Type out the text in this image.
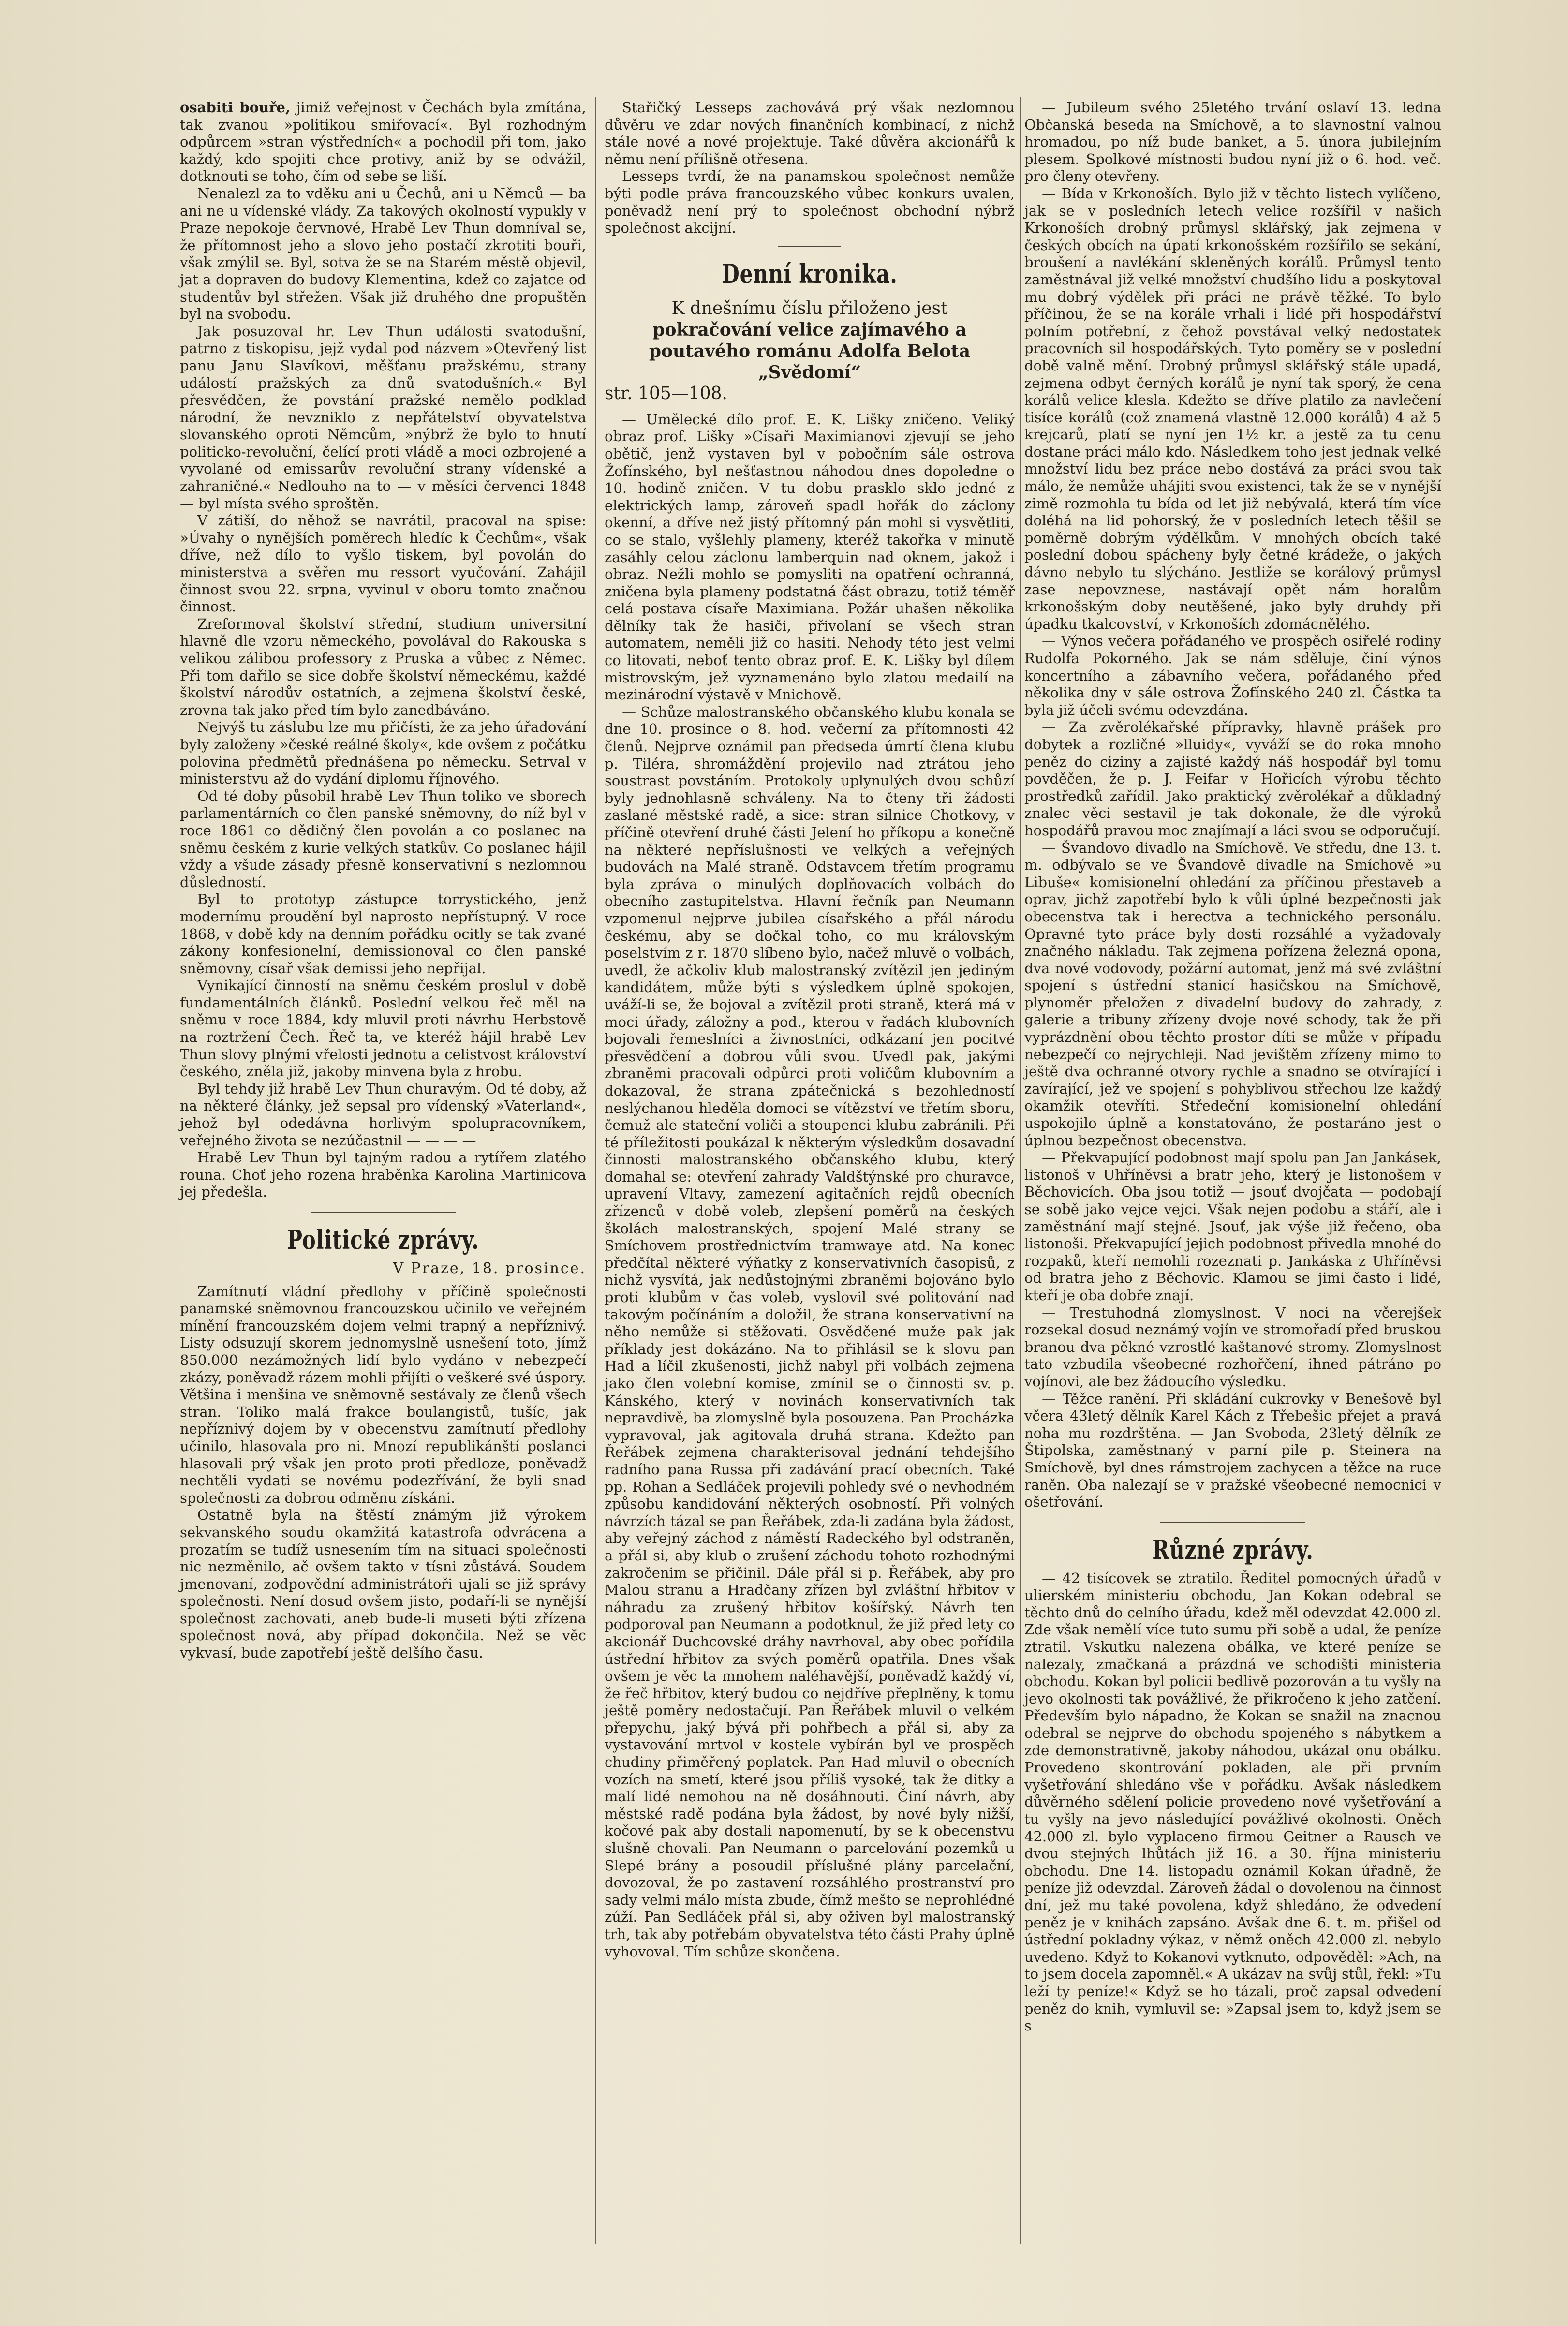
osabiti bouře, jimiž veřejnost v Čechách byla zmítána, tak zvanou »politikou smiřovací«. Byl rozhodným odpůrcem »stran výstředních« a pochodil při tom, jako každý, kdo spojiti chce protivy, aniž by se odvážil, dotknouti se toho, čím od sebe se liší.

Nenalezl za to vděku ani u Čechů, ani u Němců — ba ani ne u vídenské vlády. Za takových okolností vypukly v Praze nepokoje červnové, Hrabě Lev Thun domníval se, že přítomnost jeho a slovo jeho postačí zkrotiti bouři, však zmýlil se. Byl, sotva že se na Starém městě objevil, jat a dopraven do budovy Klementina, kdež co zajatce od studentův byl střežen. Však již druhého dne propuštěn byl na svobodu.

Jak posuzoval hr. Lev Thun události svatodušní, patrno z tiskopisu, jejž vydal pod názvem »Otevřený list panu Janu Slavíkovi, měšťanu pražskému, strany událostí pražských za dnů svatodušních.« Byl přesvědčen, že povstání pražské nemělo podklad národní, že nevzniklo z nepřátelství obyvatelstva slovanského oproti Němcům, »nýbrž že bylo to hnutí politicko-revoluční, čelící proti vládě a moci ozbrojené a vyvolané od emissarův revoluční strany vídenské a zahraničné.« Nedlouho na to — v měsíci červenci 1848 — byl místa svého sproštěn.

V zátiší, do něhož se navrátil, pracoval na spise: »Úvahy o nynějších poměrech hledíc k Čechům«, však dříve, než dílo to vyšlo tiskem, byl povolán do ministerstva a svěřen mu ressort vyučování. Zahájil činnost svou 22. srpna, vyvinul v oboru tomto značnou činnost.

Zreformoval školství střední, studium universitní hlavně dle vzoru německého, povolával do Rakouska s velikou zálibou professory z Pruska a vůbec z Němec. Při tom dařilo se sice dobře školství německému, každé školství národův ostatních, a zejmena školství české, zrovna tak jako před tím bylo zanedbáváno.

Nejvýš tu záslubu lze mu přičísti, že za jeho úřadování byly založeny »české reálné školy«, kde ovšem z počátku polovina předmětů přednášena po německu. Setrval v ministerstvu až do vydání diplomu říjnového.

Od té doby působil hrabě Lev Thun toliko ve sborech parlamentárních co člen panské sněmovny, do níž byl v roce 1861 co dědičný člen povolán a co poslanec na sněmu českém z kurie velkých statkův. Co poslanec hájil vždy a všude zásady přesně konservativní s nezlomnou důsledností.

Byl to prototyp zástupce torrystického, jenž modernímu proudění byl naprosto nepřístupný. V roce 1868, v době kdy na denním pořádku ocitly se tak zvané zákony konfesionelní, demissionoval co člen panské sněmovny, císař však demissi jeho nepřijal.

Vynikající činností na sněmu českém proslul v době fundamentálních článků. Poslední velkou řeč měl na sněmu v roce 1884, kdy mluvil proti návrhu Herbstově na roztržení Čech. Řeč ta, ve kteréž hájil hrabě Lev Thun slovy plnými vřelosti jednotu a celistvost království českého, zněla již, jakoby minvena byla z hrobu.

Byl tehdy již hrabě Lev Thun churavým. Od té doby, až na některé články, jež sepsal pro vídenský »Vaterland«, jehož byl odedávna horlivým spolupracovníkem, veřejného života se nezúčastnil — — — —

Hrabě Lev Thun byl tajným radou a rytířem zlatého rouna. Choť jeho rozena hraběnka Karolina Martinicova jej předešla.

Politické zprávy.
V Praze, 18. prosince.

Zamítnutí vládní předlohy v příčině společnosti panamské sněmovnou francouzskou učinilo ve veřejném mínění francouzském dojem velmi trapný a nepříznivý. Listy odsuzují skorem jednomyslně usnešení toto, jímž 850.000 nezámožných lidí bylo vydáno v nebezpečí zkázy, poněvadž rázem mohli přijíti o veškeré své úspory. Většina i menšina ve sněmovně sestávaly ze členů všech stran. Toliko malá frakce boulangistů, tušíc, jak nepříznivý dojem by v obecenstvu zamítnutí předlohy učinilo, hlasovala pro ni. Mnozí republikánští poslanci hlasovali prý však jen proto proti předloze, poněvadž nechtěli vydati se novému podezřívání, že byli snad společnosti za dobrou odměnu získáni.

Ostatně byla na štěstí známým již výrokem sekvanského soudu okamžitá katastrofa odvrácena a prozatím se tudíž usnesením tím na situaci společnosti nic nezměnilo, ač ovšem takto v tísni zůstává. Soudem jmenovaní, zodpovědní administrátoři ujali se již správy společnosti. Není dosud ovšem jisto, podaří-li se nynější společnost zachovati, aneb bude-li museti býti zřízena společnost nová, aby případ dokončila. Než se věc vykvasí, bude zapotřebí ještě delšího času.

Stařičký Lesseps zachovává prý však nezlomnou důvěru ve zdar nových finančních kombinací, z nichž stále nové a nové projektuje. Také důvěra akcionářů k němu není přílišně otřesena.

Lesseps tvrdí, že na panamskou společnost nemůže býti podle práva francouzského vůbec konkurs uvalen, poněvadž není prý to společnost obchodní nýbrž společnost akcijní.

Denní kronika.
K dnešnímu číslu přiloženo jest
pokračování velice zajímavého a poutavého románu Adolfa Belota „Svědomí“
str. 105—108.

— Umělecké dílo prof. E. K. Lišky zničeno. Veliký obraz prof. Lišky »Císaři Maximianovi zjevují se jeho obětič, jenž vystaven byl v pobočním sále ostrova Žofínského, byl nešťastnou náhodou dnes dopoledne o 10. hodině zničen. V tu dobu prasklo sklo jedné z elektrických lamp, zároveň spadl hořák do záclony okenní, a dříve než jistý přítomný pán mohl si vysvětliti, co se stalo, vyšlehly plameny, kteréž takořka v minutě zasáhly celou záclonu lamberquin nad oknem, jakož i obraz. Nežli mohlo se pomysliti na opatření ochranná, zničena byla plameny podstatná část obrazu, totiž téměř celá postava císaře Maximiana. Požár uhašen několika dělníky tak že hasiči, přivolaní se všech stran automatem, neměli již co hasiti. Nehody této jest velmi co litovati, neboť tento obraz prof. E. K. Lišky byl dílem mistrovským, jež vyznamenáno bylo zlatou medailí na mezinárodní výstavě v Mnichově.

— Schůze malostranského občanského klubu konala se dne 10. prosince o 8. hod. večerní za přítomnosti 42 členů. Nejprve oznámil pan předseda úmrtí člena klubu p. Tiléra, shromáždění projevilo nad ztrátou jeho soustrast povstáním. Protokoly uplynulých dvou schůzí byly jednohlasně schváleny. Na to čteny tři žádosti zaslané městské radě, a sice: stran silnice Chotkovy, v příčině otevření druhé části Jelení ho příkopu a konečně na některé nepříslušnosti ve velkých a veřejných budovách na Malé straně. Odstavcem třetím programu byla zpráva o minulých doplňovacích volbách do obecního zastupitelstva. Hlavní řečník pan Neumann vzpomenul nejprve jubilea císařského a přál národu českému, aby se dočkal toho, co mu královským poselstvím z r. 1870 slíbeno bylo, načež mluvě o volbách, uvedl, že ačkoliv klub malostranský zvítězil jen jediným kandidátem, může býti s výsledkem úplně spokojen, uváží-li se, že bojoval a zvítězil proti straně, která má v moci úřady, záložny a pod., kterou v řadách klubovních bojovali řemeslníci a živnostníci, odkázaní jen pocitvé přesvědčení a dobrou vůli svou. Uvedl pak, jakými zbraněmi pracovali odpůrci proti voličům klubovním a dokazoval, že strana zpátečnická s bezohledností neslýchanou hleděla domoci se vítězství ve třetím sboru, čemuž ale stateční voliči a stoupenci klubu zabránili. Při té příležitosti poukázal k některým výsledkům dosavadní činnosti malostranského občanského klubu, který domahal se: otevření zahrady Valdštýnské pro churavce, upravení Vltavy, zamezení agitačních rejdů obecních zřízenců v době voleb, zlepšení poměrů na českých školách malostranských, spojení Malé strany se Smíchovem prostřednictvím tramwaye atd. Na konec předčítal některé výňatky z konservativních časopisů, z nichž vysvítá, jak nedůstojnými zbraněmi bojováno bylo proti klubům v čas voleb, vyslovil své politování nad takovým počínáním a doložil, že strana konservativní na něho nemůže si stěžovati. Osvědčené muže pak jak příklady jest dokázáno. Na to přihlásil se k slovu pan Had a líčil zkušenosti, jichž nabyl při volbách zejmena jako člen volební komise, zmínil se o činnosti sv. p. Kánského, který v novinách konservativních tak nepravdivě, ba zlomyslně byla posouzena. Pan Procházka vypravoval, jak agitovala druhá strana. Kdežto pan Řeřábek zejmena charakterisoval jednání tehdejšího radního pana Russa při zadávání prací obecních. Také pp. Rohan a Sedláček projevili pohledy své o nevhodném způsobu kandidování některých osobností. Při volných návrzích tázal se pan Řeřábek, zda-li zadána byla žádost, aby veřejný záchod z náměstí Radeckého byl odstraněn, a přál si, aby klub o zrušení záchodu tohoto rozhodnými zakročenim se přičinil. Dále přál si p. Řeřábek, aby pro Malou stranu a Hradčany zřízen byl zvláštní hřbitov v náhradu za zrušený hřbitov košířský. Návrh ten podporoval pan Neumann a podotknul, že již před lety co akcionář Duchcovské dráhy navrhoval, aby obec pořídila ústřední hřbitov za svých poměrů opatřila. Dnes však ovšem je věc ta mnohem naléhavější, poněvadž každý ví, že řeč hřbitov, který budou co nejdříve přeplněny, k tomu ještě poměry nedostačují. Pan Řeřábek mluvil o velkém přepychu, jaký bývá při pohřbech a přál si, aby za vystavování mrtvol v kostele vybírán byl ve prospěch chudiny přiměřený poplatek. Pan Had mluvil o obecních vozích na smetí, které jsou příliš vysoké, tak že ditky a malí lidé nemohou na ně dosáhnouti. Činí návrh, aby městské radě podána byla žádost, by nové byly nižší, kočové pak aby dostali napomenutí, by se k obecenstvu slušně chovali. Pan Neumann o parcelování pozemků u Slepé brány a posoudil příslušné plány parcelační, dovozoval, že po zastavení rozsáhlého prostranství pro sady velmi málo místa zbude, čímž mešto se neprohlédné zúží. Pan Sedláček přál si, aby oživen byl malostranský trh, tak aby potřebám obyvatelstva této části Prahy úplně vyhovoval. Tím schůze skončena.

— Jubileum svého 25letého trvání oslaví 13. ledna Občanská beseda na Smíchově, a to slavnostní valnou hromadou, po níž bude banket, a 5. února jubilejním plesem. Spolkové místnosti budou nyní již o 6. hod. več. pro členy otevřeny.

— Bída v Krkonoších. Bylo již v těchto listech vylíčeno, jak se v posledních letech velice rozšířil v našich Krkonoších drobný průmysl sklářský, jak zejmena v českých obcích na úpatí krkonošském rozšířilo se sekání, broušení a navlékání skleněných korálů. Průmysl tento zaměstnával již velké množství chudšího lidu a poskytoval mu dobrý výdělek při práci ne právě těžké. To bylo příčinou, že se na korále vrhali i lidé při hospodářství polním potřební, z čehož povstával velký nedostatek pracovních sil hospodářských. Tyto poměry se v poslední době valně mění. Drobný průmysl sklářský stále upadá, zejmena odbyt černých korálů je nyní tak sporý, že cena korálů velice klesla. Kdežto se dříve platilo za navlečení tisíce korálů (což znamená vlastně 12.000 korálů) 4 až 5 krejcarů, platí se nyní jen 1½ kr. a jestě za tu cenu dostane práci málo kdo. Následkem toho jest jednak velké množství lidu bez práce nebo dostává za práci svou tak málo, že nemůže uhájiti svou existenci, tak že se v nynější zimě rozmohla tu bída od let již nebývalá, která tím více doléhá na lid pohorský, že v posledních letech těšil se poměrně dobrým výdělkům. V mnohých obcích také poslední dobou spácheny byly četné krádeže, o jakých dávno nebylo tu slýcháno. Jestliže se korálový průmysl zase nepovznese, nastávají opět nám horalům krkonošským doby neutěšené, jako byly druhdy při úpadku tkalcovství, v Krkonoších zdomácnělého.

— Výnos večera pořádaného ve prospěch osiřelé rodiny Rudolfa Pokorného. Jak se nám sděluje, činí výnos koncertního a zábavního večera, pořádaného před několika dny v sále ostrova Žofínského 240 zl. Částka ta byla již účeli svému odevzdána.

— Za zvěrolékařské přípravky, hlavně prášek pro dobytek a rozličné »lluidy«, vyváží se do roka mnoho peněz do ciziny a zajisté každý náš hospodář byl tomu povděčen, že p. J. Feifar v Hořicích výrobu těchto prostředků zařídil. Jako praktický zvěrolékař a důkladný znalec věci sestavil je tak dokonale, že dle výroků hospodářů pravou moc znajímají a láci svou se odporučují.

— Švandovo divadlo na Smíchově. Ve středu, dne 13. t. m. odbývalo se ve Švandově divadle na Smíchově »u Libuše« komisionelní ohledání za příčinou přestaveb a oprav, jichž zapotřebí bylo k vůli úplné bezpečnosti jak obecenstva tak i herectva a technického personálu. Opravné tyto práce byly dosti rozsáhlé a vyžadovaly značného nákladu. Tak zejmena pořízena železná opona, dva nové vodovody, požární automat, jenž má své zvláštní spojení s ústřední stanicí hasičskou na Smíchově, plynoměr přeložen z divadelní budovy do zahrady, z galerie a tribuny zřízeny dvoje nové schody, tak že při vyprázdnění obou těchto prostor díti se může v případu nebezpečí co nejrychleji. Nad jevištěm zřízeny mimo to ještě dva ochranné otvory rychle a snadno se otvírající i zavírající, jež ve spojení s pohyblivou střechou lze každý okamžik otevříti. Středeční komisionelní ohledání uspokojilo úplně a konstatováno, že postaráno jest o úplnou bezpečnost obecenstva.

— Překvapující podobnost mají spolu pan Jan Jankásek, listonoš v Uhříněvsi a bratr jeho, který je listonošem v Běchovicích. Oba jsou totiž — jsouť dvojčata — podobají se sobě jako vejce vejci. Však nejen podobu a stáří, ale i zaměstnání mají stejné. Jsouť, jak výše již řečeno, oba listonoši. Překvapující jejich podobnost přivedla mnohé do rozpaků, kteří nemohli rozeznati p. Jankáska z Uhříněvsi od bratra jeho z Běchovic. Klamou se jimi často i lidé, kteří je oba dobře znají.

— Trestuhodná zlomyslnost. V noci na včerejšek rozsekal dosud neznámý vojín ve stromořadí před bruskou branou dva pěkné vzrostlé kaštanové stromy. Zlomyslnost tato vzbudila všeobecné rozhořčení, ihned pátráno po vojínovi, ale bez žádoucího výsledku.

— Těžce ranění. Při skládání cukrovky v Benešově byl včera 43letý dělník Karel Kách z Třebešic přejet a pravá noha mu rozdrštěna. — Jan Svoboda, 23letý dělník ze Štipolska, zaměstnaný v parní pile p. Steinera na Smíchově, byl dnes rámstrojem zachycen a těžce na ruce raněn. Oba nalezají se v pražské všeobecné nemocnici v ošetřování.

Různé zprávy.

— 42 tisícovek se ztratilo. Ředitel pomocných úřadů v ulierském ministeriu obchodu, Jan Kokan odebral se těchto dnů do celního úřadu, kdež měl odevzdat 42.000 zl. Zde však nemělí více tuto sumu při sobě a udal, že peníze ztratil. Vskutku nalezena obálka, ve které peníze se nalezaly, zmačkaná a prázdná ve schodišti ministeria obchodu. Kokan byl policii bedlivě pozorován a tu vyšly na jevo okolnosti tak povážlivé, že přikročeno k jeho zatčení. Především bylo nápadno, že Kokan se snažil na znacnou odebral se nejprve do obchodu spojeného s nábytkem a zde demonstrativně, jakoby náhodou, ukázal onu obálku. Provedeno skontrování pokladen, ale při prvním vyšetřování shledáno vše v pořádku. Avšak následkem důvěrného sdělení policie provedeno nové vyšetřování a tu vyšly na jevo následující povážlivé okolnosti. Oněch 42.000 zl. bylo vyplaceno firmou Geitner a Rausch ve dvou stejných lhůtách již 16. a 30. října ministeriu obchodu. Dne 14. listopadu oznámil Kokan úřadně, že peníze již odevzdal. Zároveň žádal o dovolenou na činnost dní, jež mu také povolena, když shledáno, že odvedení peněz je v knihách zapsáno. Avšak dne 6. t. m. přišel od ústřední pokladny výkaz, v němž oněch 42.000 zl. nebylo uvedeno. Když to Kokanovi vytknuto, odpověděl: »Ach, na to jsem docela zapomněl.« A ukázav na svůj stůl, řekl: »Tu leží ty peníze!« Když se ho tázali, proč zapsal odvedení peněz do knih, vymluvil se: »Zapsal jsem to, když jsem se s
